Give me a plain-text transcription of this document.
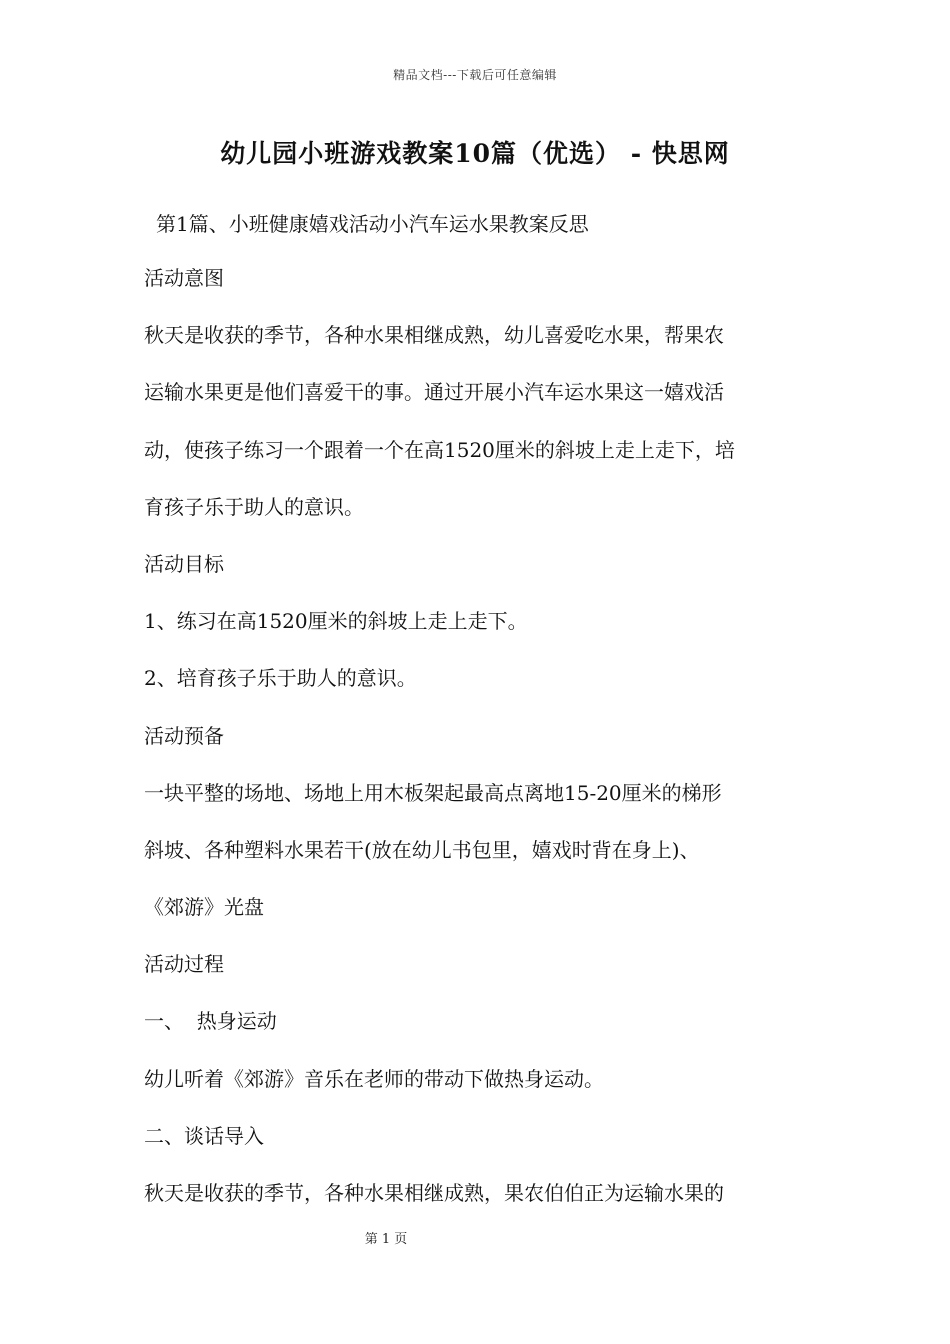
精品文档---下载后可任意编辑
幼儿园小班游戏教案10篇（优选） - 快思网
第1篇、小班健康嬉戏活动小汽车运水果教案反思
活动意图
秋天是收获的季节，各种水果相继成熟，幼儿喜爱吃水果，帮果农
运输水果更是他们喜爱干的事。通过开展小汽车运水果这一嬉戏活
动，使孩子练习一个跟着一个在高1520厘米的斜坡上走上走下，培
育孩子乐于助人的意识。
活动目标
1、练习在高1520厘米的斜坡上走上走下。
2、培育孩子乐于助人的意识。
活动预备
一块平整的场地、场地上用木板架起最高点离地15-20厘米的梯形
斜坡、各种塑料水果若干(放在幼儿书包里，嬉戏时背在身上)、
《郊游》光盘
活动过程
一、  热身运动
幼儿听着《郊游》音乐在老师的带动下做热身运动。
二、谈话导入
秋天是收获的季节，各种水果相继成熟，果农伯伯正为运输水果的
第 1 页
